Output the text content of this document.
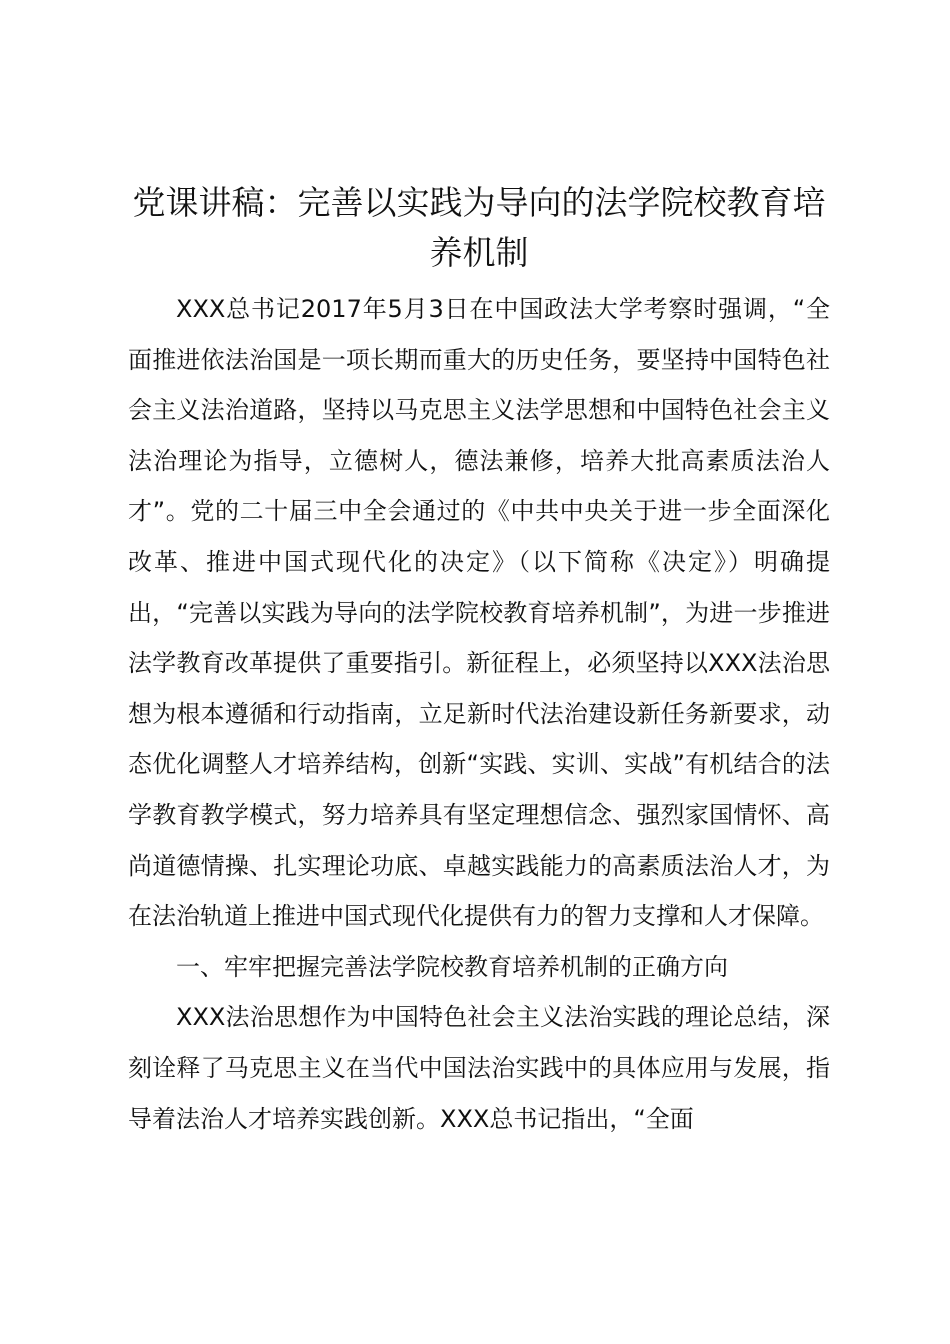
党课讲稿：完善以实践为导向的法学院校教育培养机制

XXX总书记2017年5月3日在中国政法大学考察时强调，“全面推进依法治国是一项长期而重大的历史任务，要坚持中国特色社会主义法治道路，坚持以马克思主义法学思想和中国特色社会主义法治理论为指导，立德树人，德法兼修，培养大批高素质法治人才”。党的二十届三中全会通过的《中共中央关于进一步全面深化改革、推进中国式现代化的决定》（以下简称《决定》）明确提出，“完善以实践为导向的法学院校教育培养机制”，为进一步推进法学教育改革提供了重要指引。新征程上，必须坚持以XXX法治思想为根本遵循和行动指南，立足新时代法治建设新任务新要求，动态优化调整人才培养结构，创新“实践、实训、实战”有机结合的法学教育教学模式，努力培养具有坚定理想信念、强烈家国情怀、高尚道德情操、扎实理论功底、卓越实践能力的高素质法治人才，为在法治轨道上推进中国式现代化提供有力的智力支撑和人才保障。

一、牢牢把握完善法学院校教育培养机制的正确方向

XXX法治思想作为中国特色社会主义法治实践的理论总结，深刻诠释了马克思主义在当代中国法治实践中的具体应用与发展，指导着法治人才培养实践创新。XXX总书记指出，“全面
